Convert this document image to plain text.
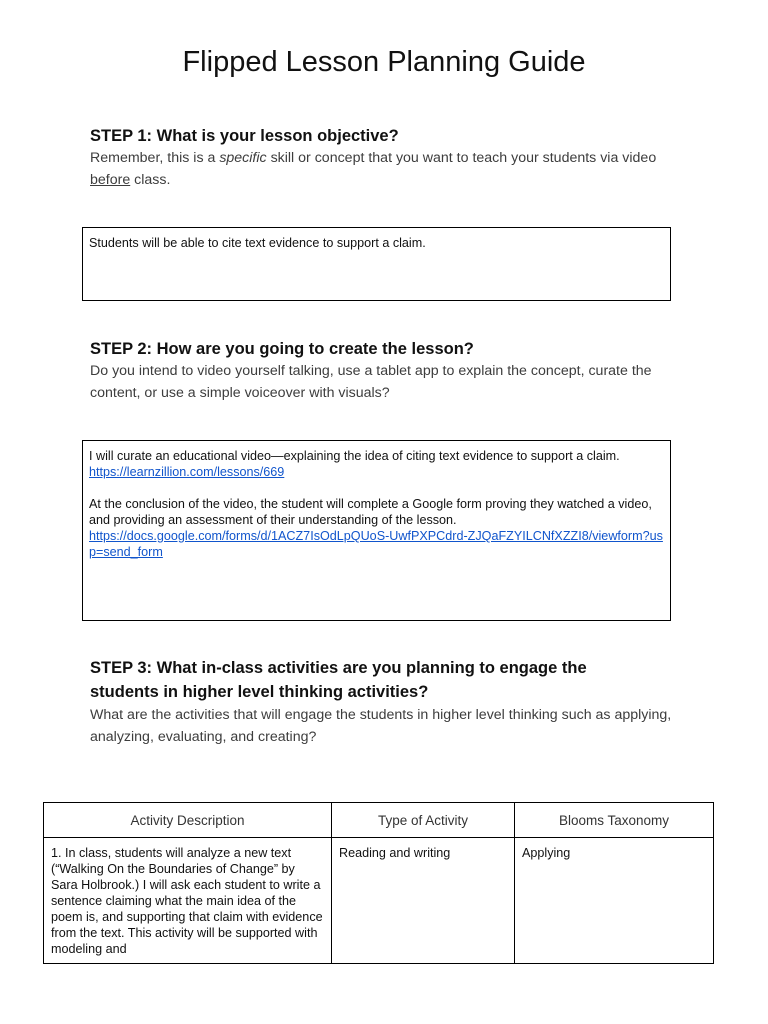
Flipped Lesson Planning Guide
STEP 1: What is your lesson objective?
Remember, this is a specific skill or concept that you want to teach your students via video before class.

Students will be able to cite text evidence to support a claim.

STEP 2: How are you going to create the lesson?
Do you intend to video yourself talking, use a tablet app to explain the concept, curate the content, or use a simple voiceover with visuals?

I will curate an educational video—explaining the idea of citing text evidence to support a claim. https://learnzillion.com/lessons/669

At the conclusion of the video, the student will complete a Google form proving they watched a video, and providing an assessment of their understanding of the lesson.
https://docs.google.com/forms/d/1ACZ7IsOdLpQUoS-UwfPXPCdrd-ZJQaFZYILCNfXZZI8/viewform?usp=send_form

STEP 3: What in-class activities are you planning to engage the
students in higher level thinking activities?
What are the activities that will engage the students in higher level thinking such as applying, analyzing, evaluating, and creating?
Activity Description	Type of Activity	Blooms Taxonomy

1. In class, students will analyze a new text (“Walking On the Boundaries of Change” by Sara Holbrook.) I will ask each student to write a sentence claiming what the main idea of the poem is, and supporting that claim with evidence from the text. This activity will be supported with modeling and	Reading and writing	Applying
